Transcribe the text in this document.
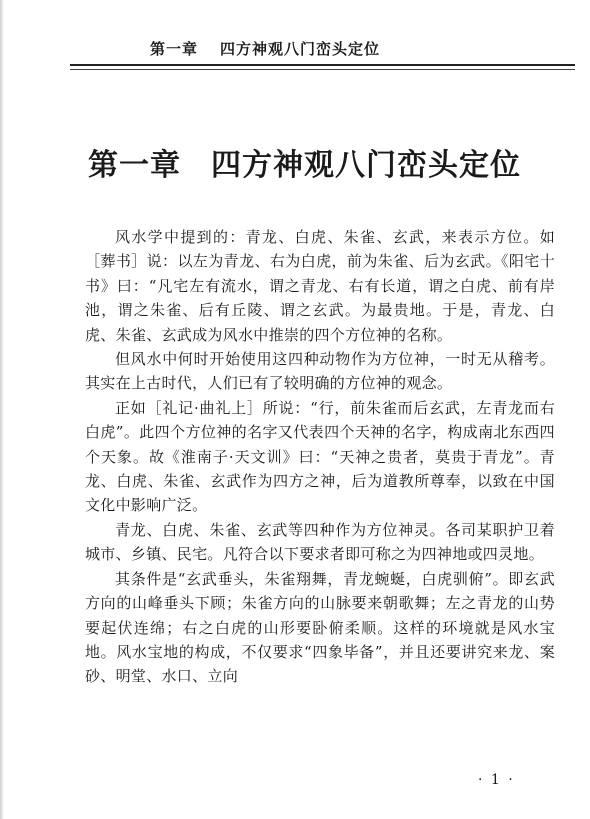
第一章 四方神观八门峦头定位
第一章 四方神观八门峦头定位

风水学中提到的：青龙、白虎、朱雀、玄武，来表示方位。如［葬书］说：以左为青龙、右为白虎，前为朱雀、后为玄武。《阳宅十书》曰：“凡宅左有流水，谓之青龙、右有长道，谓之白虎、前有岸池，谓之朱雀、后有丘陵、谓之玄武。为最贵地。于是，青龙、白虎、朱雀、玄武成为风水中推崇的四个方位神的名称。

但风水中何时开始使用这四种动物作为方位神，一时无从稽考。其实在上古时代，人们已有了较明确的方位神的观念。

正如［礼记·曲礼上］所说：“行，前朱雀而后玄武，左青龙而右白虎”。此四个方位神的名字又代表四个天神的名字，构成南北东西四个天象。故《淮南子·天文训》曰：“天神之贵者，莫贵于青龙”。青龙、白虎、朱雀、玄武作为四方之神，后为道教所尊奉，以致在中国文化中影响广泛。

青龙、白虎、朱雀、玄武等四种作为方位神灵。各司某职护卫着城市、乡镇、民宅。凡符合以下要求者即可称之为四神地或四灵地。

其条件是“玄武垂头，朱雀翔舞，青龙蜿蜒，白虎驯俯”。即玄武方向的山峰垂头下顾；朱雀方向的山脉要来朝歌舞；左之青龙的山势要起伏连绵；右之白虎的山形要卧俯柔顺。这样的环境就是风水宝地。风水宝地的构成，不仅要求“四象毕备”，并且还要讲究来龙、案砂、明堂、水口、立向

· 1 ·
